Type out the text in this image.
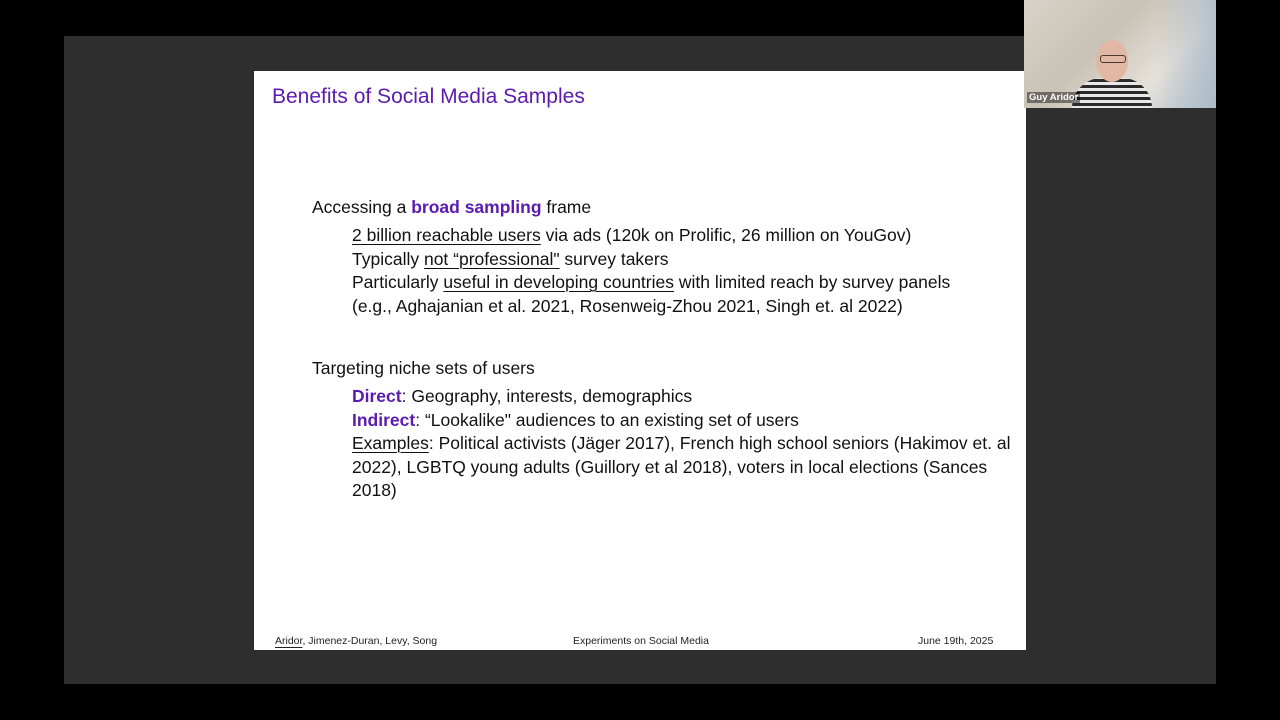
Benefits of Social Media Samples
Accessing a broad sampling frame

2 billion reachable users via ads (120k on Prolific, 26 million on YouGov)

Typically not “professional" survey takers

Particularly useful in developing countries with limited reach by survey panels

(e.g., Aghajanian et al. 2021, Rosenweig-Zhou 2021, Singh et. al 2022)

Targeting niche sets of users

Direct: Geography, interests, demographics

Indirect: “Lookalike" audiences to an existing set of users

Examples: Political activists (Jäger 2017), French high school seniors (Hakimov et. al 2022), LGBTQ young adults (Guillory et al 2018), voters in local elections (Sances 2018)

Aridor, Jimenez-Duran, Levy, Song	Experiments on Social Media	June 19th, 2025
Guy Aridor
